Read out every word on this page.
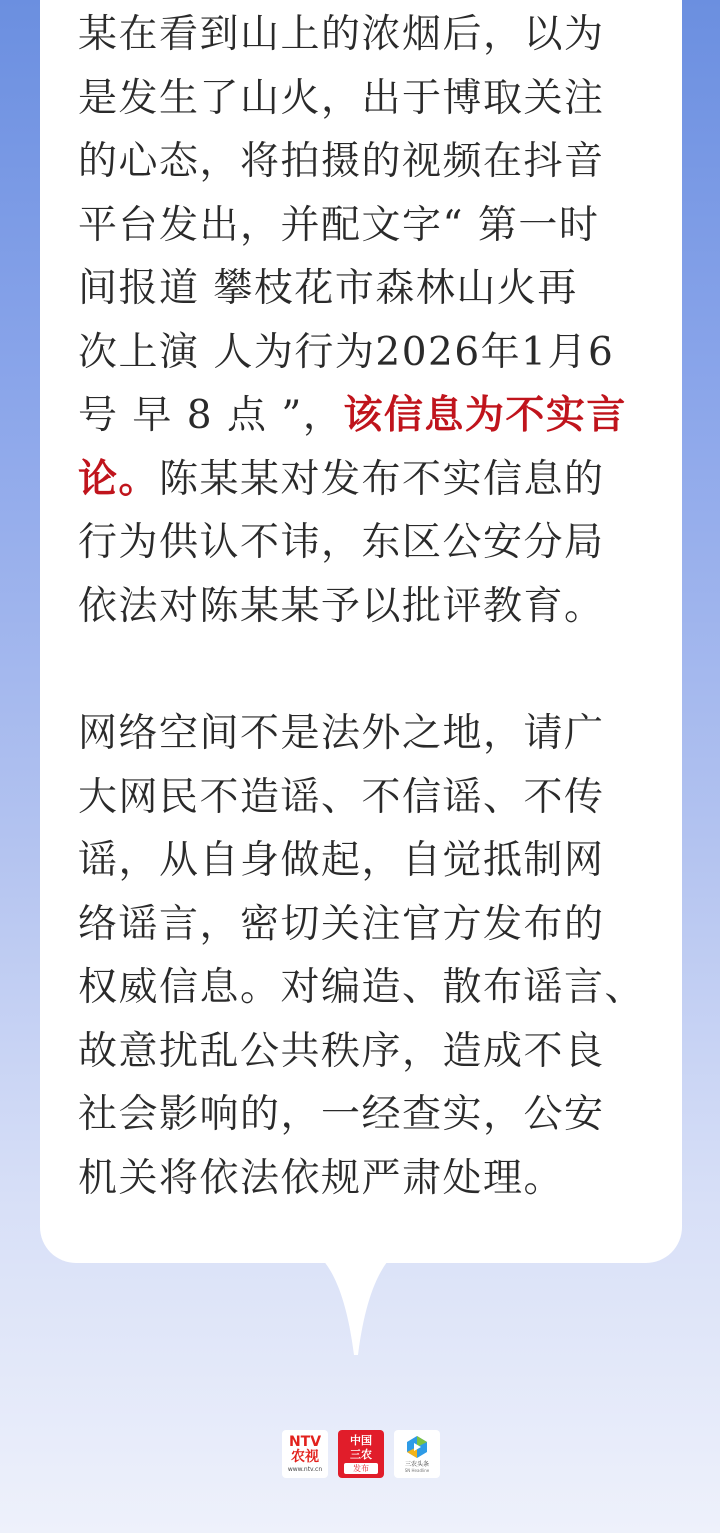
某在看到山上的浓烟后，以为

是发生了山火，出于博取关注

的心态，将拍摄的视频在抖音

平台发出，并配文字“ 第一时

间报道 攀枝花市森林山火再

次上演 人为行为2026年1月6

号 早 8 点 ”，该信息为不实言

论。陈某某对发布不实信息的

行为供认不讳，东区公安分局

依法对陈某某予以批评教育。

网络空间不是法外之地，请广

大网民不造谣、不信谣、不传

谣，从自身做起，自觉抵制网

络谣言，密切关注官方发布的

权威信息。对编造、散布谣言、

故意扰乱公共秩序，造成不良

社会影响的，一经查实，公安

机关将依法依规严肃处理。

NTV
农视
www.ntv.cn
中国
三农
发布	三农头条
SN Headline
